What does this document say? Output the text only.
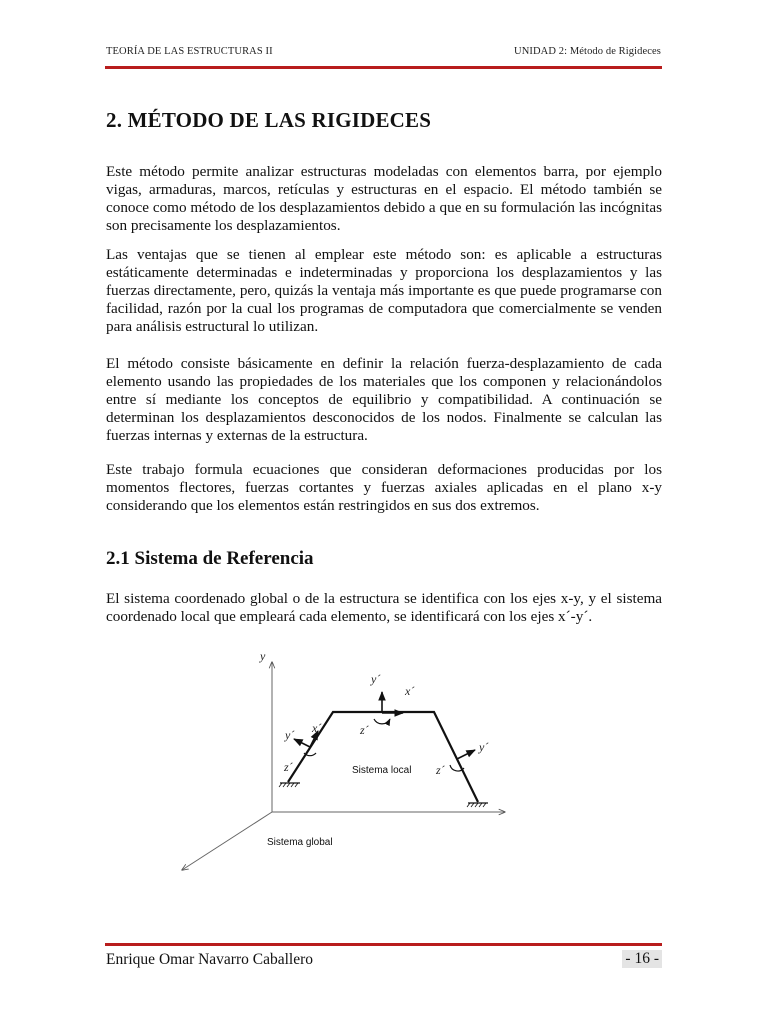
TEORÍA DE LAS ESTRUCTURAS II	UNIDAD 2: Método de Rigideces
2. MÉTODO DE LAS RIGIDECES

Este método permite analizar estructuras modeladas con elementos barra, por ejemplo vigas, armaduras, marcos, retículas y estructuras en el espacio. El método también se conoce como método de los desplazamientos debido a que en su formulación las incógnitas son precisamente los desplazamientos.

Las ventajas que se tienen al emplear este método son: es aplicable a estructuras estáticamente determinadas e indeterminadas y proporciona los desplazamientos y las fuerzas directamente, pero, quizás la ventaja más importante es que puede programarse con facilidad, razón por la cual los programas de computadora que comercialmente se venden para análisis estructural lo utilizan.

El método consiste básicamente en definir la relación fuerza-desplazamiento de cada elemento usando las propiedades de los materiales que los componen y relacionándolos entre sí mediante los conceptos de equilibrio y compatibilidad. A continuación se determinan los desplazamientos desconocidos de los nodos. Finalmente se calculan las fuerzas internas y externas de la estructura.

Este trabajo formula ecuaciones que consideran deformaciones producidas por los momentos flectores, fuerzas cortantes y fuerzas axiales aplicadas en el plano x-y considerando que los elementos están restringidos en sus dos extremos.

2.1 Sistema de Referencia

El sistema coordenado global o de la estructura se identifica con los ejes x-y, y el sistema coordenado local que empleará cada elemento, se identificará con los ejes x´-y´.

y
y´
x´
z´
y´ x´
z´
y´
z´
Sistema local
Sistema global
Enrique Omar Navarro Caballero	- 16 -
